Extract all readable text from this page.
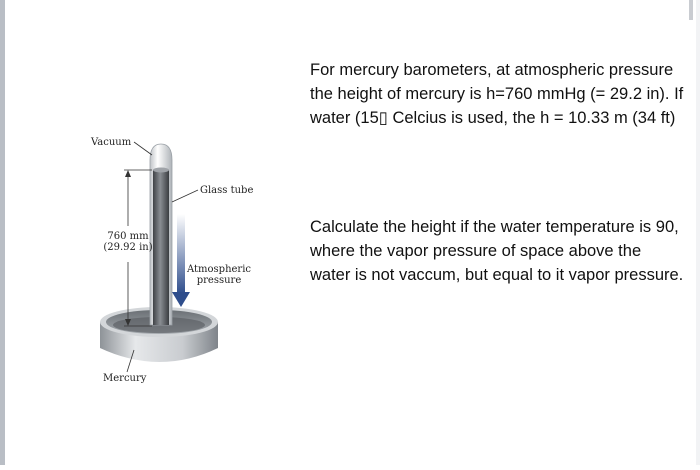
Vacuum
Glass tube
760 mm
(29.92 in)
Atmospheric
pressure
Mercury

For mercury barometers, at atmospheric pressure the height of mercury is h=760 mmHg (= 29.2 in). If water (15▯ Celcius is used, the h = 10.33 m (34 ft)

Calculate the height if the water temperature is 90, where the vapor pressure of space above the water is not vaccum, but equal to it vapor pressure.
